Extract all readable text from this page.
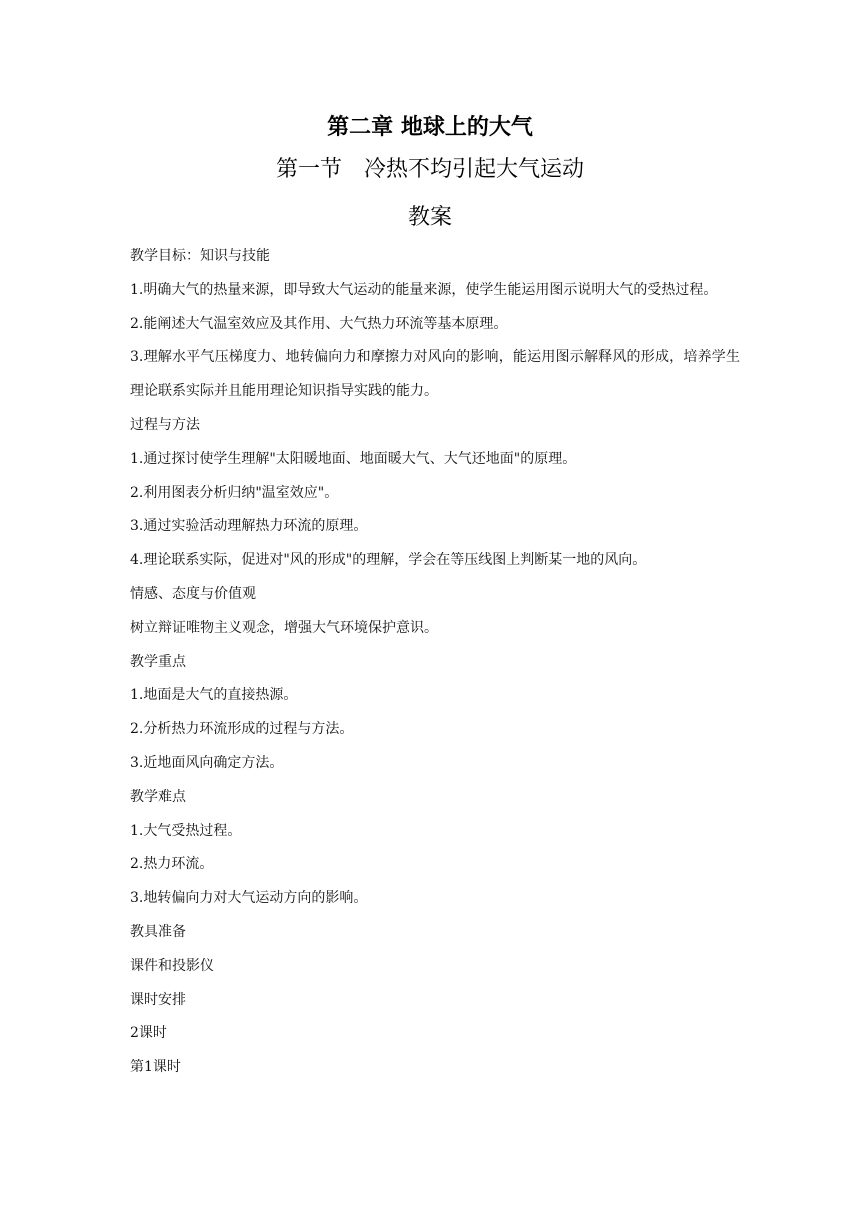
第二章 地球上的大气
第一节　冷热不均引起大气运动
教案

教学目标：知识与技能

1.明确大气的热量来源，即导致大气运动的能量来源，使学生能运用图示说明大气的受热过程。

2.能阐述大气温室效应及其作用、大气热力环流等基本原理。

3.理解水平气压梯度力、地转偏向力和摩擦力对风向的影响，能运用图示解释风的形成，培养学生理论联系实际并且能用理论知识指导实践的能力。

过程与方法

1.通过探讨使学生理解"太阳暖地面、地面暖大气、大气还地面"的原理。

2.利用图表分析归纳"温室效应"。

3.通过实验活动理解热力环流的原理。

4.理论联系实际，促进对"风的形成"的理解，学会在等压线图上判断某一地的风向。

情感、态度与价值观

树立辩证唯物主义观念，增强大气环境保护意识。

教学重点

1.地面是大气的直接热源。

2.分析热力环流形成的过程与方法。

3.近地面风向确定方法。

教学难点

1.大气受热过程。

2.热力环流。

3.地转偏向力对大气运动方向的影响。

教具准备

课件和投影仪

课时安排

2课时

第1课时
